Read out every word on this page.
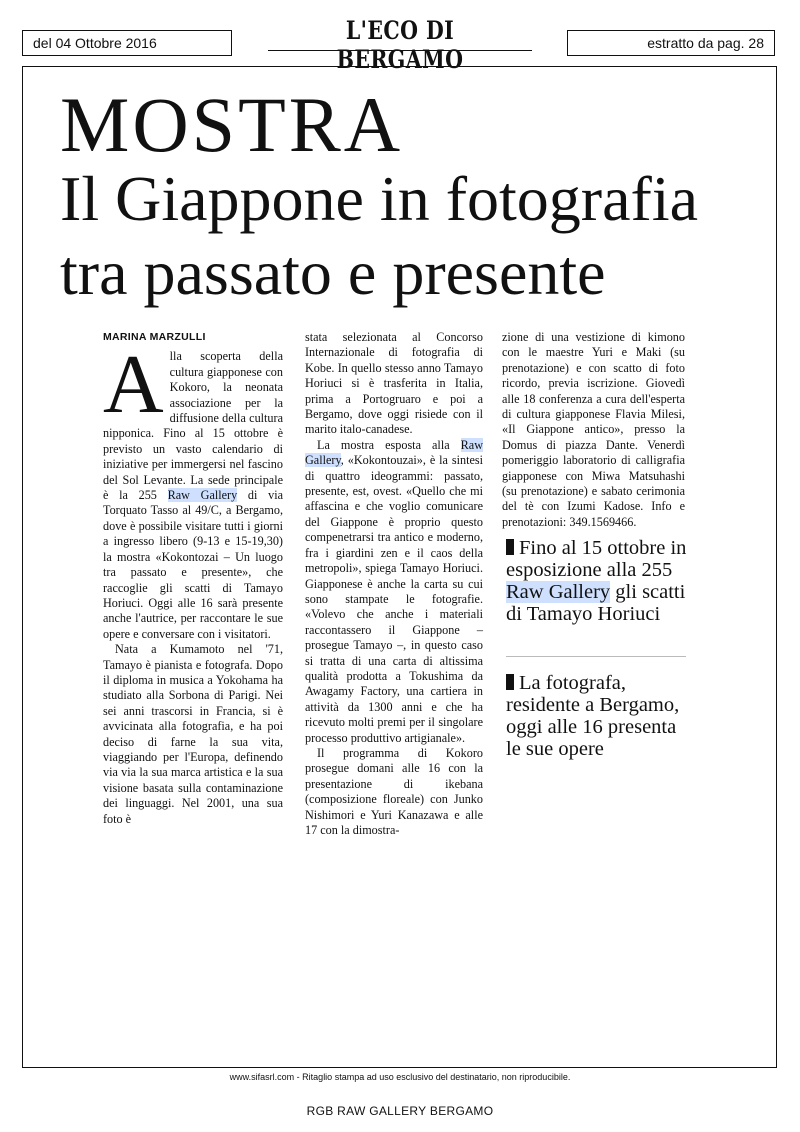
del 04 Ottobre 2016	L'ECO DI BERGAMO
estratto da pag. 28
MOSTRA
Il Giappone in fotografia
tra passato e presente
MARINA MARZULLI

Alla scoperta della cultura giapponese con Kokoro, la neonata associazione per la diffusione della cultura nipponica. Fino al 15 ottobre è previsto un vasto calendario di iniziative per immergersi nel fascino del Sol Levante. La sede principale è la 255 Raw Gallery di via Torquato Tasso al 49/C, a Bergamo, dove è possibile visitare tutti i giorni a ingresso libero (9-13 e 15-19,30) la mostra «Kokontozai – Un luogo tra passato e presente», che raccoglie gli scatti di Tamayo Horiuci. Oggi alle 16 sarà presente anche l'autrice, per raccontare le sue opere e conversare con i visitatori.

Nata a Kumamoto nel '71, Tamayo è pianista e fotografa. Dopo il diploma in musica a Yokohama ha studiato alla Sorbona di Parigi. Nei sei anni trascorsi in Francia, si è avvicinata alla fotografia, e ha poi deciso di farne la sua vita, viaggiando per l'Europa, definendo via via la sua marca artistica e la sua visione basata sulla contaminazione dei linguaggi. Nel 2001, una sua foto è

stata selezionata al Concorso Internazionale di fotografia di Kobe. In quello stesso anno Tamayo Horiuci si è trasferita in Italia, prima a Portogruaro e poi a Bergamo, dove oggi risiede con il marito italo-canadese.

La mostra esposta alla Raw Gallery, «Kokontouzai», è la sintesi di quattro ideogrammi: passato, presente, est, ovest. «Quello che mi affascina e che voglio comunicare del Giappone è proprio questo compenetrarsi tra antico e moderno, fra i giardini zen e il caos della metropoli», spiega Tamayo Horiuci. Giapponese è anche la carta su cui sono stampate le fotografie. «Volevo che anche i materiali raccontassero il Giappone – prosegue Tamayo –, in questo caso si tratta di una carta di altissima qualità prodotta a Tokushima da Awagamy Factory, una cartiera in attività da 1300 anni e che ha ricevuto molti premi per il singolare processo produttivo artigianale».

Il programma di Kokoro prosegue domani alle 16 con la presentazione di ikebana (composizione floreale) con Junko Nishimori e Yuri Kanazawa e alle 17 con la dimostra-

zione di una vestizione di kimono con le maestre Yuri e Maki (su prenotazione) e con scatto di foto ricordo, previa iscrizione. Giovedì alle 18 conferenza a cura dell'esperta di cultura giapponese Flavia Milesi, «Il Giappone antico», presso la Domus di piazza Dante. Venerdì pomeriggio laboratorio di calligrafia giapponese con Miwa Matsuhashi (su prenotazione) e sabato cerimonia del tè con Izumi Kadose. Info e prenotazioni: 349.1569466.

Fino al 15 ottobre in esposizione alla 255 Raw Gallery gli scatti di Tamayo Horiuci
La fotografa, residente a Bergamo, oggi alle 16 presenta le sue opere
www.sifasrl.com - Ritaglio stampa ad uso esclusivo del destinatario, non riproducibile.
RGB RAW GALLERY BERGAMO
